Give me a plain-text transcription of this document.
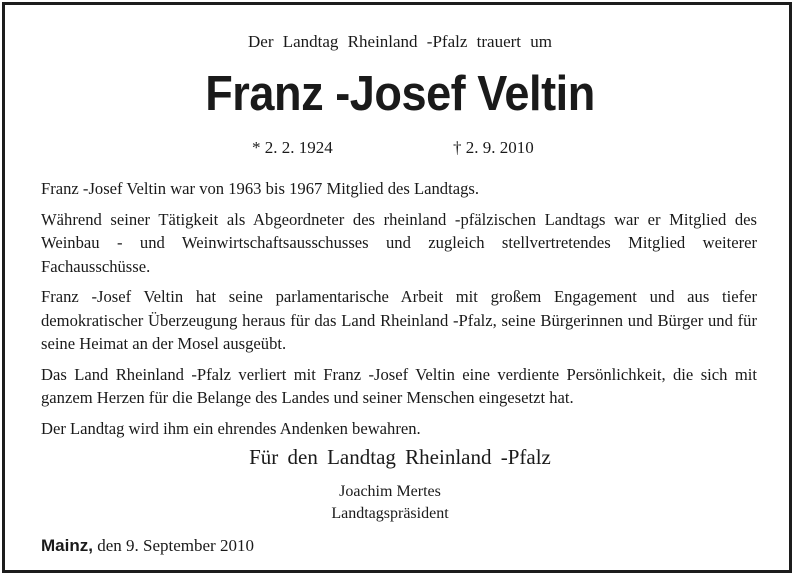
Der Landtag Rheinland -Pfalz trauert um
Franz -Josef Veltin
* 2. 2. 1924	† 2. 9. 2010

Franz -Josef Veltin war von 1963 bis 1967 Mitglied des Landtags.

Während seiner Tätigkeit als Abgeordneter des rheinland -pfälzischen Landtags war er Mitglied des Weinbau - und Weinwirtschaftsausschusses und zugleich stellvertretendes Mitglied weiterer Fachausschüsse.

Franz -Josef Veltin hat seine parlamentarische Arbeit mit großem Engagement und aus tiefer demokratischer Überzeugung heraus für das Land Rheinland -Pfalz, seine Bürgerinnen und Bürger und für seine Heimat an der Mosel ausgeübt.

Das Land Rheinland -Pfalz verliert mit Franz -Josef Veltin eine verdiente Persönlichkeit, die sich mit ganzem Herzen für die Belange des Landes und seiner Menschen eingesetzt hat.

Der Landtag wird ihm ein ehrendes Andenken bewahren.

Für den Landtag Rheinland -Pfalz
Joachim Mertes
Landtagspräsident
Mainz, den 9. September 2010
